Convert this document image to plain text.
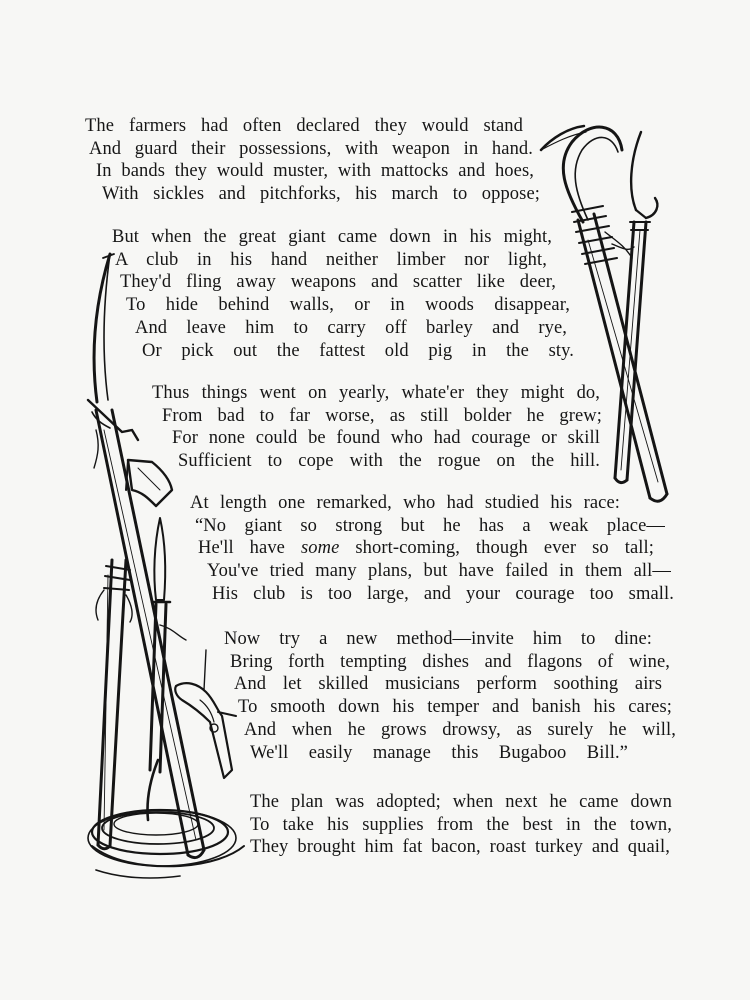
The farmers had often declared they would stand
And guard their possessions, with weapon in hand.
In bands they would muster, with mattocks and hoes,
With sickles and pitchforks, his march to oppose;
But when the great giant came down in his might,
A club in his hand neither limber nor light,
They'd fling away weapons and scatter like deer,
To hide behind walls, or in woods disappear,
And leave him to carry off barley and rye,
Or pick out the fattest old pig in the sty.
Thus things went on yearly, whate'er they might do,
From bad to far worse, as still bolder he grew;
For none could be found who had courage or skill
Sufficient to cope with the rogue on the hill.
At length one remarked, who had studied his race:
“No giant so strong but he has a weak place—
He'll have some short-coming, though ever so tall;
You've tried many plans, but have failed in them all—
His club is too large, and your courage too small.
Now try a new method—invite him to dine:
Bring forth tempting dishes and flagons of wine,
And let skilled musicians perform soothing airs
To smooth down his temper and banish his cares;
And when he grows drowsy, as surely he will,
We'll easily manage this Bugaboo Bill.”
The plan was adopted; when next he came down
To take his supplies from the best in the town,
They brought him fat bacon, roast turkey and quail,
